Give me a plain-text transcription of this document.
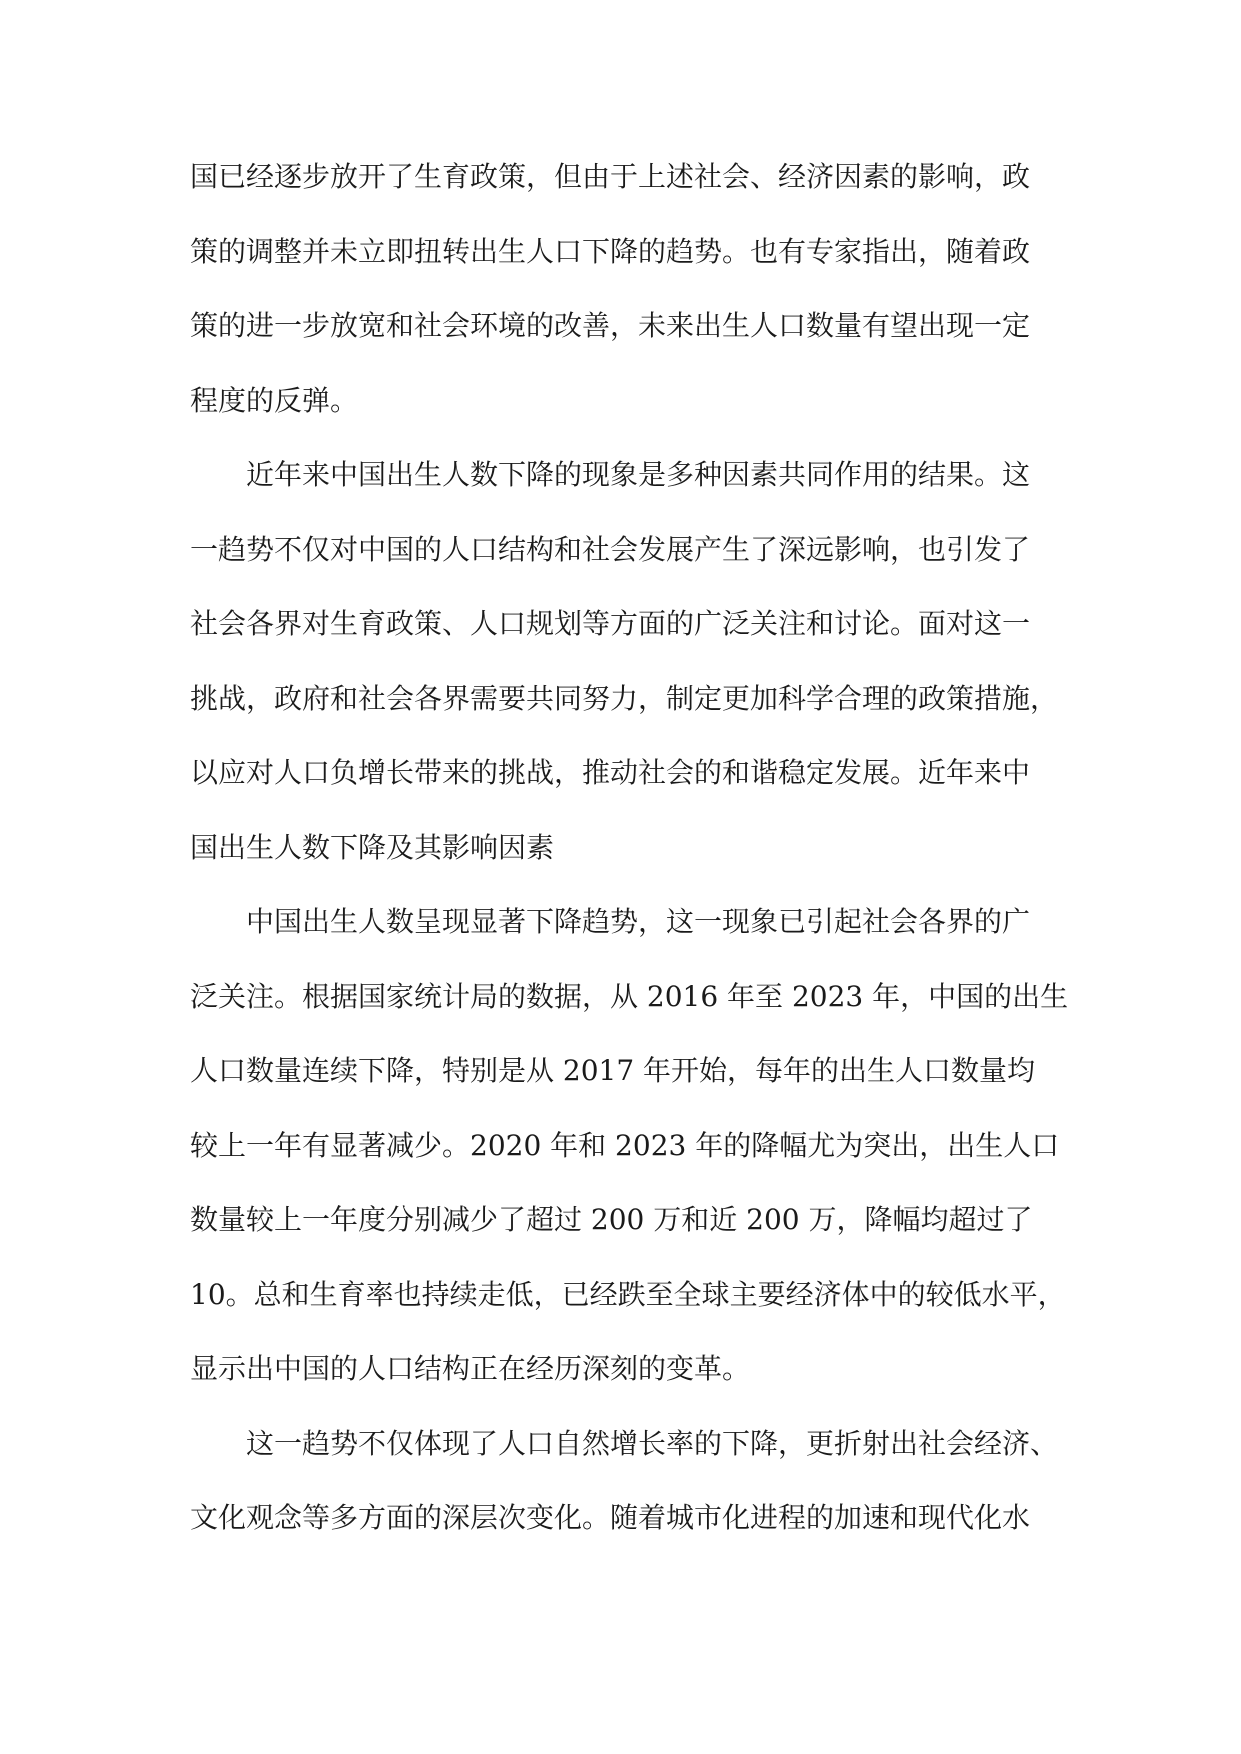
国已经逐步放开了生育政策，但由于上述社会、经济因素的影响，政
策的调整并未立即扭转出生人口下降的趋势。也有专家指出，随着政
策的进一步放宽和社会环境的改善，未来出生人口数量有望出现一定
程度的反弹。
近年来中国出生人数下降的现象是多种因素共同作用的结果。这
一趋势不仅对中国的人口结构和社会发展产生了深远影响，也引发了
社会各界对生育政策、人口规划等方面的广泛关注和讨论。面对这一
挑战，政府和社会各界需要共同努力，制定更加科学合理的政策措施，
以应对人口负增长带来的挑战，推动社会的和谐稳定发展。近年来中
国出生人数下降及其影响因素
中国出生人数呈现显著下降趋势，这一现象已引起社会各界的广
泛关注。根据国家统计局的数据，从 2016 年至 2023 年，中国的出生
人口数量连续下降，特别是从 2017 年开始，每年的出生人口数量均
较上一年有显著减少。2020 年和 2023 年的降幅尤为突出，出生人口
数量较上一年度分别减少了超过 200 万和近 200 万，降幅均超过了
10。总和生育率也持续走低，已经跌至全球主要经济体中的较低水平，
显示出中国的人口结构正在经历深刻的变革。
这一趋势不仅体现了人口自然增长率的下降，更折射出社会经济、
文化观念等多方面的深层次变化。随着城市化进程的加速和现代化水
